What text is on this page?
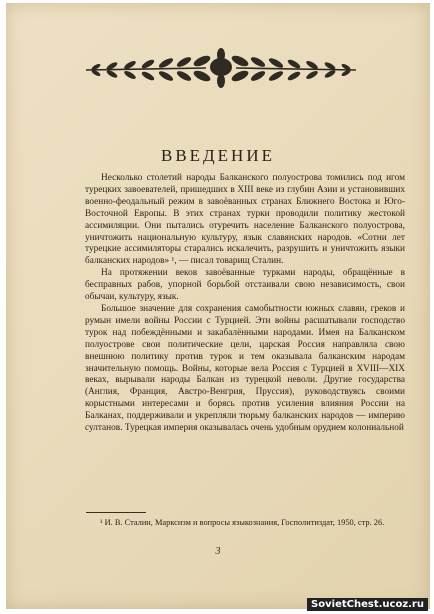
ВВЕДЕНИЕ

Несколько столетий народы Балканского полуострова томились под игом турецких завоевателей, пришедших в XIII веке из глубин Азии и установивших военно-феодальный режим в завоёванных странах Ближнего Востока и Юго-Восточной Европы. В этих странах турки проводили политику жестокой ассимиляции. Они пытались отуречить население Балканского полуострова, уничтожить национальную культуру, язык славянских народов. «Сотни лет турецкие ассимиляторы старались искалечить, разрушить и уничтожить языки балканских народов» ¹, — писал товарищ Сталин.

На протяжении веков завоёванные турками народы, обращённые в бесправных рабов, упорной борьбой отстаивали свою независимость, свои обычаи, культуру, язык.

Большое значение для сохранения самобытности южных славян, греков и румын имели войны России с Турцией. Эти войны расшатывали господство турок над побеждёнными и закабалёнными народами. Имея на Балканском полуострове свои политические цели, царская Россия направляла свою внешнюю политику против турок и тем оказывала балканским народам значительную помощь. Войны, которые вела Россия с Турцией в XVIII—XIX веках, вырывали народы Балкан из турецкой неволи. Другие государства (Англия, Франция, Австро-Венгрия, Пруссия), руководствуясь своими корыстными интересами и борясь против усиления влияния России на Балканах, поддерживали и укрепляли тюрьму балканских народов — империю султанов. Турецкая империя оказывалась очень удобным орудием колониальной

¹ И. В. Сталин, Марксизм и вопросы языкознания, Госполитиздат, 1950, стр. 26.
3
SovietChest.ucoz.ru
